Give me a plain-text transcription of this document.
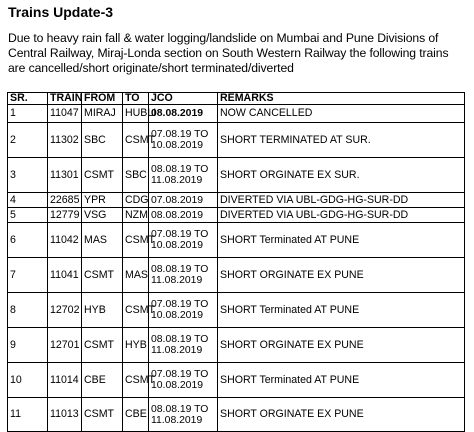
Trains Update-3
Due to heavy rain fall & water logging/landslide on Mumbai and Pune Divisions of Central Railway, Miraj-Londa section on South Western Railway the following trains are cancelled/short originate/short terminated/diverted
SR.	TRAIN	FROM	TO	JCO	REMARKS
1	11047	MIRAJ	HUBLI	08.08.2019	NOW CANCELLED
2	11302	SBC	CSMT	07.08.19 TO
10.08.2019	SHORT TERMINATED AT SUR.
3	11301	CSMT	SBC	08.08.19 TO
11.08.2019	SHORT ORGINATE EX SUR.
4	22685	YPR	CDG	07.08.2019	DIVERTED VIA UBL-GDG-HG-SUR-DD
5	12779	VSG	NZM	08.08.2019	DIVERTED VIA UBL-GDG-HG-SUR-DD
6	11042	MAS	CSMT	07.08.19 TO
10.08.2019	SHORT Terminated AT PUNE
7	11041	CSMT	MAS	08.08.19 TO
11.08.2019	SHORT ORGINATE EX PUNE
8	12702	HYB	CSMT	07.08.19 TO
10.08.2019	SHORT Terminated AT PUNE
9	12701	CSMT	HYB	08.08.19 TO
11.08.2019	SHORT ORGINATE EX PUNE
10	11014	CBE	CSMT	07.08.19 TO
10.08.2019	SHORT Terminated AT PUNE
11	11013	CSMT	CBE	08.08.19 TO
11.08.2019	SHORT ORGINATE EX PUNE
